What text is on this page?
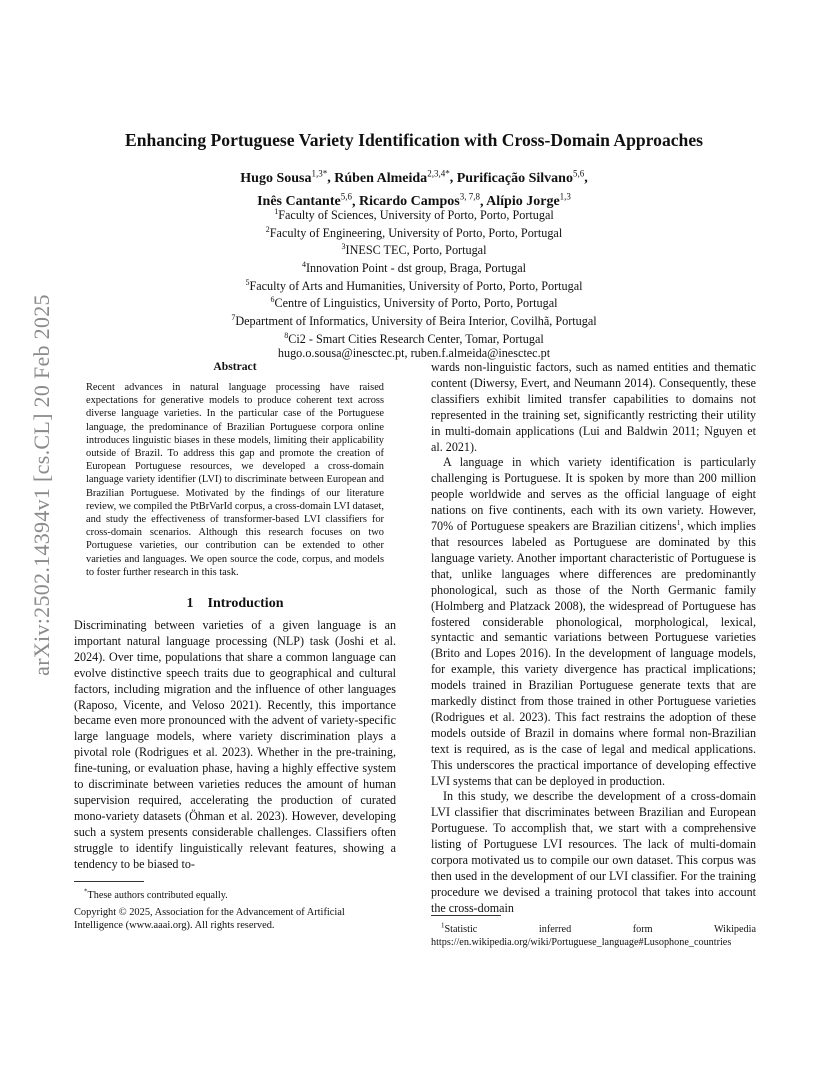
arXiv:2502.14394v1 [cs.CL] 20 Feb 2025
Enhancing Portuguese Variety Identification with Cross-Domain Approaches
Hugo Sousa$^{1,3*}$, Rúben Almeida$^{2,3,4*}$, Purificação Silvano$^{5,6}$,
Inês Cantante$^{5,6}$, Ricardo Campos$^{3, 7,8}$, Alípio Jorge$^{1,3}$
$^1$Faculty of Sciences, University of Porto, Porto, Portugal
$^2$Faculty of Engineering, University of Porto, Porto, Portugal
$^3$INESC TEC, Porto, Portugal
$^4$Innovation Point - dst group, Braga, Portugal
$^5$Faculty of Arts and Humanities, University of Porto, Porto, Portugal
$^6$Centre of Linguistics, University of Porto, Porto, Portugal
$^7$Department of Informatics, University of Beira Interior, Covilhã, Portugal
$^8$Ci2 - Smart Cities Research Center, Tomar, Portugal
hugo.o.sousa@inesctec.pt, ruben.f.almeida@inesctec.pt
Abstract

Recent advances in natural language processing have raised expectations for generative models to produce coherent text across diverse language varieties. In the particular case of the Portuguese language, the predominance of Brazilian Portuguese corpora online introduces linguistic biases in these models, limiting their applicability outside of Brazil. To address this gap and promote the creation of European Portuguese resources, we developed a cross-domain language variety identifier (LVI) to discriminate between European and Brazilian Portuguese. Motivated by the findings of our literature review, we compiled the PtBrVarId corpus, a cross-domain LVI dataset, and study the effectiveness of transformer-based LVI classifiers for cross-domain scenarios. Although this research focuses on two Portuguese varieties, our contribution can be extended to other varieties and languages. We open source the code, corpus, and models to foster further research in this task.

1 Introduction

Discriminating between varieties of a given language is an important natural language processing (NLP) task (Joshi et al. 2024). Over time, populations that share a common language can evolve distinctive speech traits due to geographical and cultural factors, including migration and the influence of other languages (Raposo, Vicente, and Veloso 2021). Recently, this importance became even more pronounced with the advent of variety-specific large language models, where variety discrimination plays a pivotal role (Rodrigues et al. 2023). Whether in the pre-training, fine-tuning, or evaluation phase, having a highly effective system to discriminate between varieties reduces the amount of human supervision required, accelerating the production of curated mono-variety datasets (Öhman et al. 2023). However, developing such a system presents considerable challenges. Classifiers often struggle to identify linguistically relevant features, showing a tendency to be biased to-

*These authors contributed equally.
Copyright © 2025, Association for the Advancement of Artificial Intelligence (www.aaai.org). All rights reserved.

wards non-linguistic factors, such as named entities and thematic content (Diwersy, Evert, and Neumann 2014). Consequently, these classifiers exhibit limited transfer capabilities to domains not represented in the training set, significantly restricting their utility in multi-domain applications (Lui and Baldwin 2011; Nguyen et al. 2021).

A language in which variety identification is particularly challenging is Portuguese. It is spoken by more than 200 million people worldwide and serves as the official language of eight nations on five continents, each with its own variety. However, 70% of Portuguese speakers are Brazilian citizens$^1$, which implies that resources labeled as Portuguese are dominated by this language variety. Another important characteristic of Portuguese is that, unlike languages where differences are predominantly phonological, such as those of the North Germanic family (Holmberg and Platzack 2008), the widespread of Portuguese has fostered considerable phonological, morphological, lexical, syntactic and semantic variations between Portuguese varieties (Brito and Lopes 2016). In the development of language models, for example, this variety divergence has practical implications; models trained in Brazilian Portuguese generate texts that are markedly distinct from those trained in other Portuguese varieties (Rodrigues et al. 2023). This fact restrains the adoption of these models outside of Brazil in domains where formal non-Brazilian text is required, as is the case of legal and medical applications. This underscores the practical importance of developing effective LVI systems that can be deployed in production.

In this study, we describe the development of a cross-domain LVI classifier that discriminates between Brazilian and European Portuguese. To accomplish that, we start with a comprehensive listing of Portuguese LVI resources. The lack of multi-domain corpora motivated us to compile our own dataset. This corpus was then used in the development of our LVI classifier. For the training procedure we devised a training protocol that takes into account the cross-domain

$^1$Statistic inferred form Wikipedia https://en.wikipedia.org/wiki/Portuguese_language#Lusophone_countries
